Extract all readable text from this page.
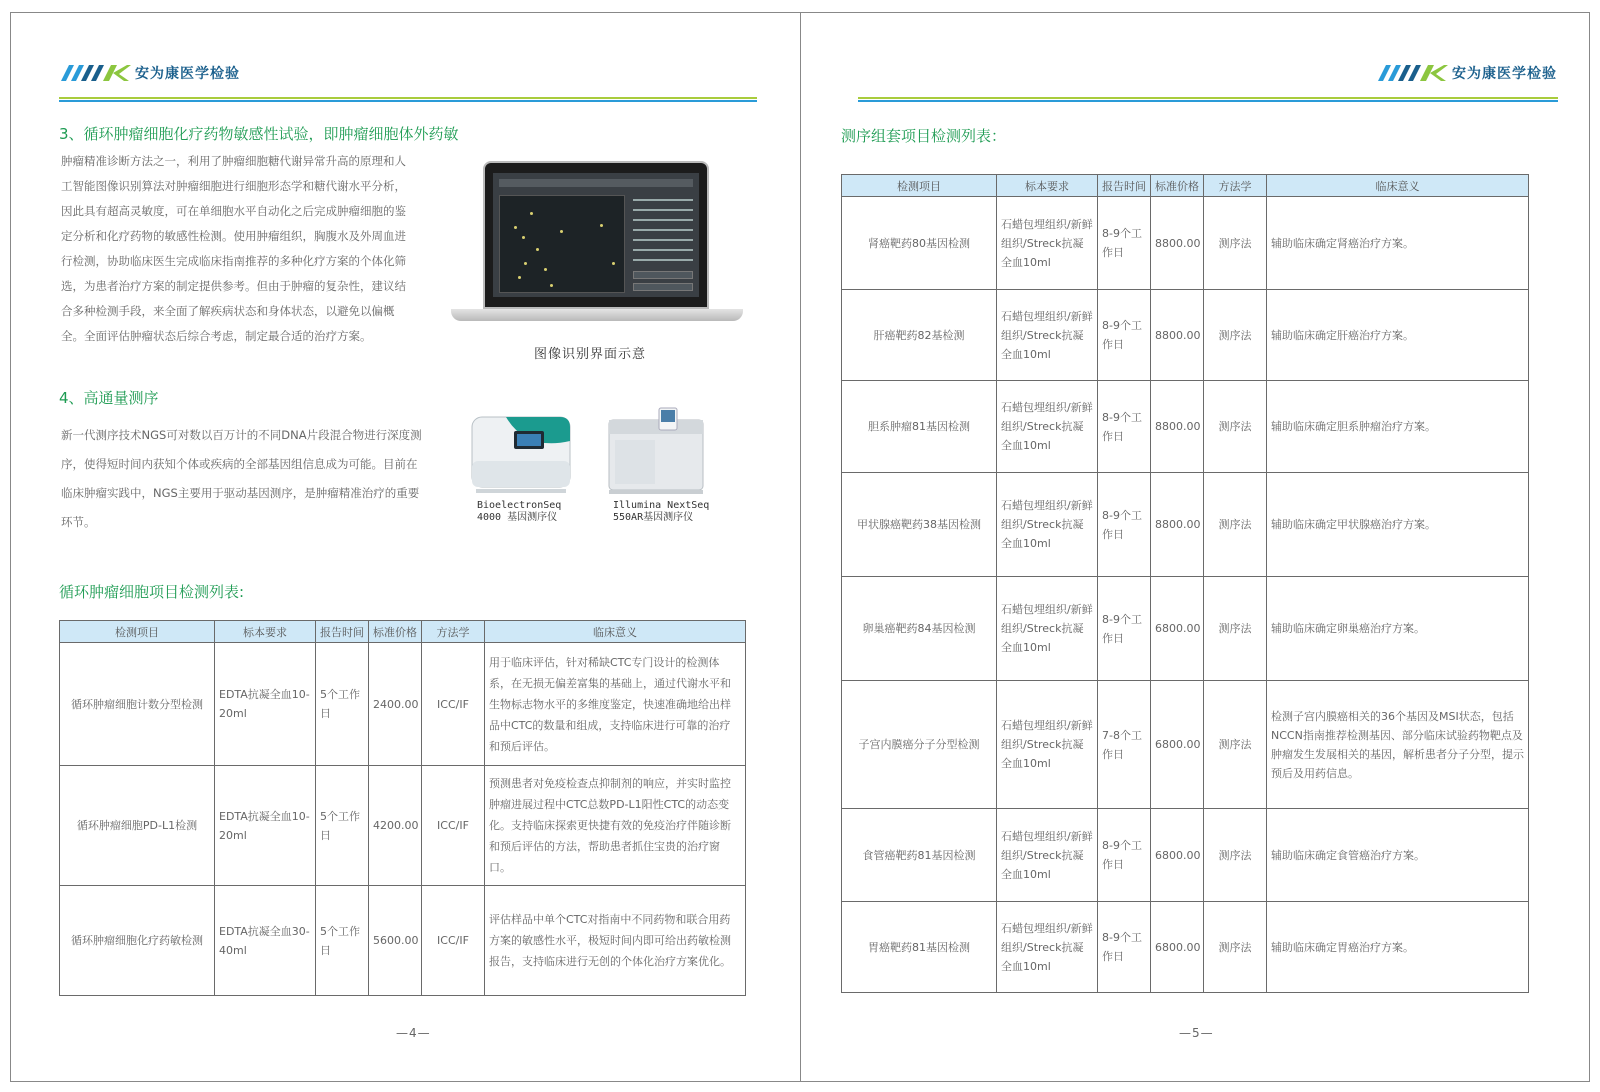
安为康医学检验
3、循环肿瘤细胞化疗药物敏感性试验，即肿瘤细胞体外药敏
肿瘤精准诊断方法之一，利用了肿瘤细胞糖代谢异常升高的原理和人
工智能图像识别算法对肿瘤细胞进行细胞形态学和糖代谢水平分析，
因此具有超高灵敏度，可在单细胞水平自动化之后完成肿瘤细胞的鉴
定分析和化疗药物的敏感性检测。使用肿瘤组织，胸腹水及外周血进
行检测，协助临床医生完成临床指南推荐的多种化疗方案的个体化筛
选，为患者治疗方案的制定提供参考。但由于肿瘤的复杂性，建议结
合多种检测手段，来全面了解疾病状态和身体状态，以避免以偏概
全。全面评估肿瘤状态后综合考虑，制定最合适的治疗方案。
图像识别界面示意
4、高通量测序
新一代测序技术NGS可对数以百万计的不同DNA片段混合物进行深度测
序，使得短时间内获知个体或疾病的全部基因组信息成为可能。目前在
临床肿瘤实践中，NGS主要用于驱动基因测序，是肿瘤精准治疗的重要
环节。
BioelectronSeq
4000 基因测序仪
Illumina NextSeq
550AR基因测序仪
循环肿瘤细胞项目检测列表:
检测项目	标本要求	报告时间	标准价格	方法学	临床意义
循环肿瘤细胞计数分型检测	EDTA抗凝全血10-20ml	5个工作日	2400.00	ICC/IF	用于临床评估，针对稀缺CTC专门设计的检测体系，在无损无偏差富集的基础上，通过代谢水平和生物标志物水平的多维度鉴定，快速准确地给出样品中CTC的数量和组成，支持临床进行可靠的治疗和预后评估。
循环肿瘤细胞PD-L1检测	EDTA抗凝全血10-20ml	5个工作日	4200.00	ICC/IF	预测患者对免疫检查点抑制剂的响应，并实时监控肿瘤进展过程中CTC总数PD-L1阳性CTC的动态变化。支持临床探索更快捷有效的免疫治疗伴随诊断和预后评估的方法，帮助患者抓住宝贵的治疗窗口。
循环肿瘤细胞化疗药敏检测	EDTA抗凝全血30-40ml	5个工作日	5600.00	ICC/IF	评估样品中单个CTC对指南中不同药物和联合用药方案的敏感性水平，极短时间内即可给出药敏检测报告，支持临床进行无创的个体化治疗方案优化。
—4—
安为康医学检验
测序组套项目检测列表：
检测项目	标本要求	报告时间	标准价格	方法学	临床意义
肾癌靶药80基因检测	石蜡包埋组织/新鲜组织/Streck抗凝全血10ml	8-9个工作日	8800.00	测序法	辅助临床确定肾癌治疗方案。
肝癌靶药82基检测	石蜡包埋组织/新鲜组织/Streck抗凝全血10ml	8-9个工作日	8800.00	测序法	辅助临床确定肝癌治疗方案。
胆系肿瘤81基因检测	石蜡包埋组织/新鲜组织/Streck抗凝全血10ml	8-9个工作日	8800.00	测序法	辅助临床确定胆系肿瘤治疗方案。
甲状腺癌靶药38基因检测	石蜡包埋组织/新鲜组织/Streck抗凝全血10ml	8-9个工作日	8800.00	测序法	辅助临床确定甲状腺癌治疗方案。
卵巢癌靶药84基因检测	石蜡包埋组织/新鲜组织/Streck抗凝全血10ml	8-9个工作日	6800.00	测序法	辅助临床确定卵巢癌治疗方案。
子宫内膜癌分子分型检测	石蜡包埋组织/新鲜组织/Streck抗凝全血10ml	7-8个工作日	6800.00	测序法	检测子宫内膜癌相关的36个基因及MSI状态，包括NCCN指南推荐检测基因、部分临床试验药物靶点及肿瘤发生发展相关的基因，解析患者分子分型，提示预后及用药信息。
食管癌靶药81基因检测	石蜡包埋组织/新鲜组织/Streck抗凝全血10ml	8-9个工作日	6800.00	测序法	辅助临床确定食管癌治疗方案。
胃癌靶药81基因检测	石蜡包埋组织/新鲜组织/Streck抗凝全血10ml	8-9个工作日	6800.00	测序法	辅助临床确定胃癌治疗方案。
—5—
